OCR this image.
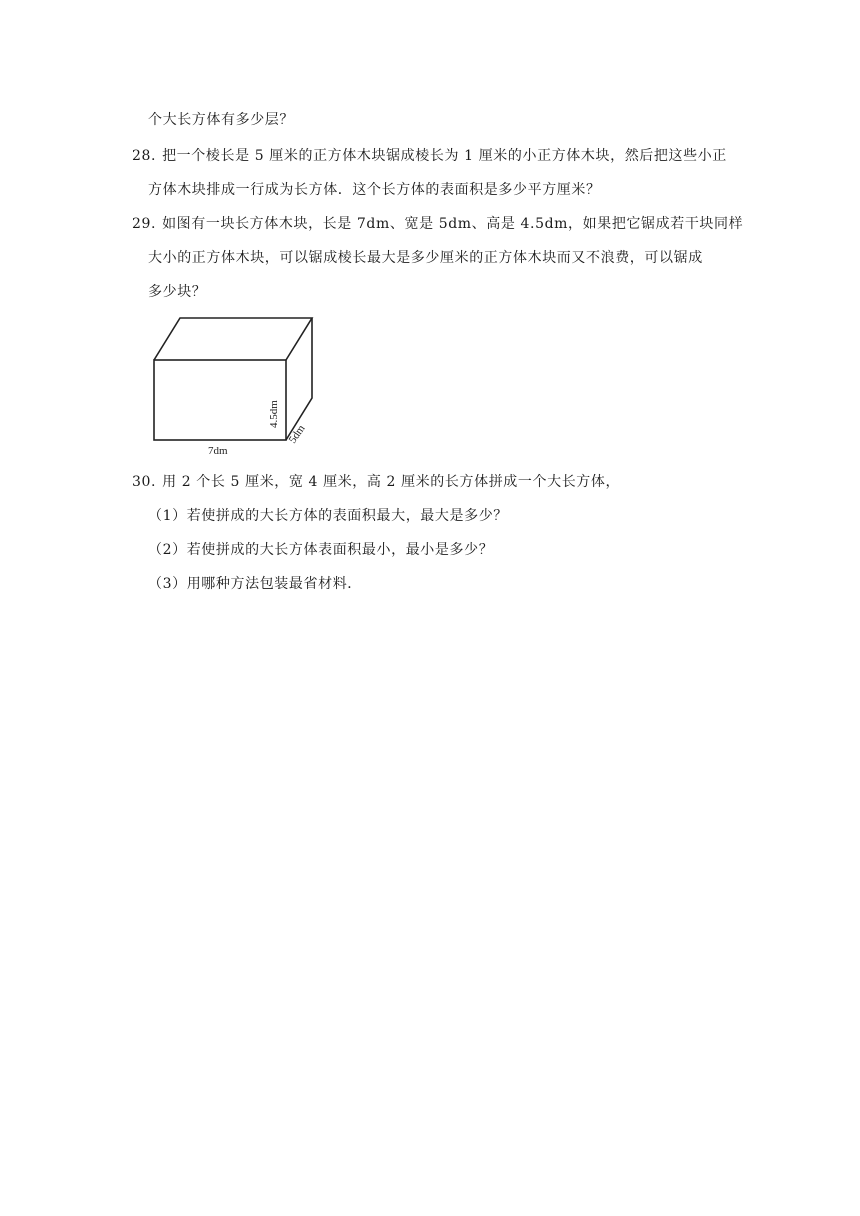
个大长方体有多少层？
28. 把一个棱长是 5 厘米的正方体木块锯成棱长为 1 厘米的小正方体木块，然后把这些小正
方体木块排成一行成为长方体．这个长方体的表面积是多少平方厘米？
29. 如图有一块长方体木块，长是 7dm、宽是 5dm、高是 4.5dm，如果把它锯成若干块同样
大小的正方体木块，可以锯成棱长最大是多少厘米的正方体木块而又不浪费，可以锯成
多少块？
7dm
4.5dm
5dm
30. 用 2 个长 5 厘米，宽 4 厘米，高 2 厘米的长方体拼成一个大长方体，
（1）若使拼成的大长方体的表面积最大，最大是多少？
（2）若使拼成的大长方体表面积最小，最小是多少？
（3）用哪种方法包装最省材料．
